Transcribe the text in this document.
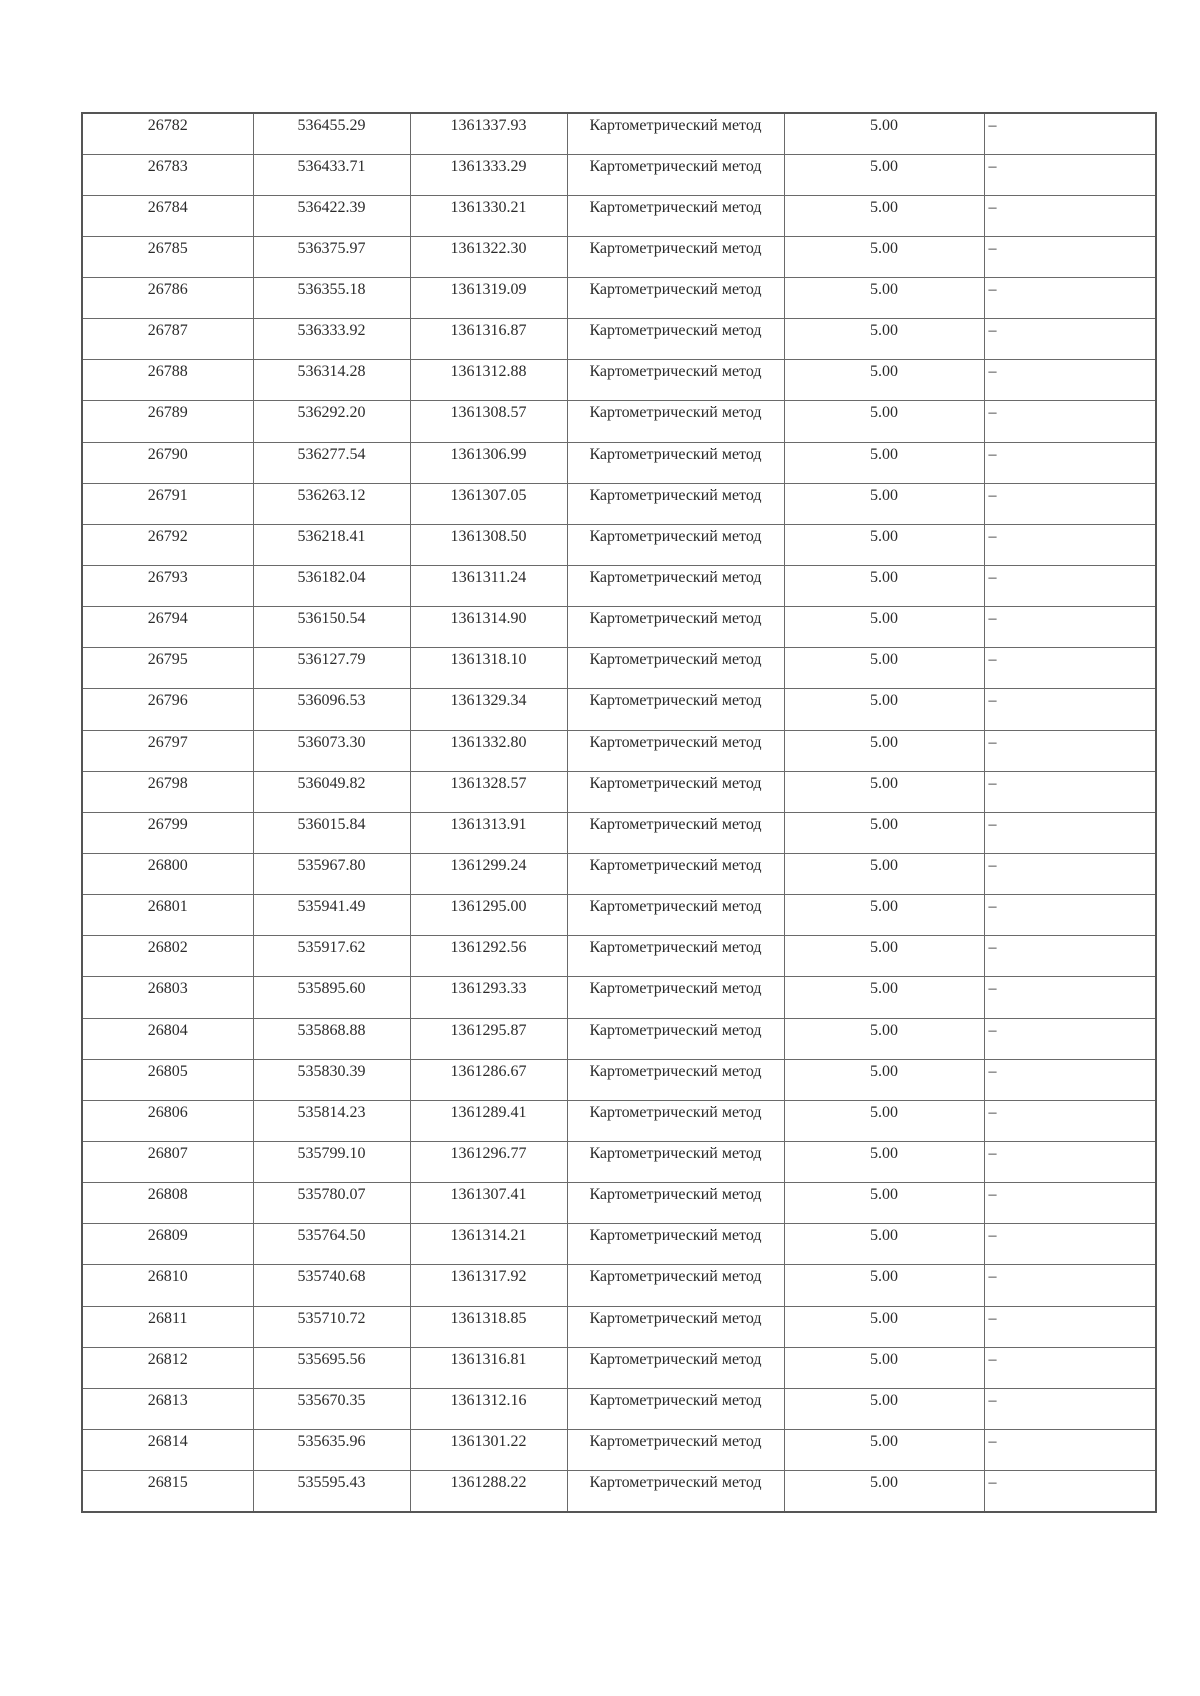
26782	536455.29	1361337.93	Картометрический метод	5.00	–
26783	536433.71	1361333.29	Картометрический метод	5.00	–
26784	536422.39	1361330.21	Картометрический метод	5.00	–
26785	536375.97	1361322.30	Картометрический метод	5.00	–
26786	536355.18	1361319.09	Картометрический метод	5.00	–
26787	536333.92	1361316.87	Картометрический метод	5.00	–
26788	536314.28	1361312.88	Картометрический метод	5.00	–
26789	536292.20	1361308.57	Картометрический метод	5.00	–
26790	536277.54	1361306.99	Картометрический метод	5.00	–
26791	536263.12	1361307.05	Картометрический метод	5.00	–
26792	536218.41	1361308.50	Картометрический метод	5.00	–
26793	536182.04	1361311.24	Картометрический метод	5.00	–
26794	536150.54	1361314.90	Картометрический метод	5.00	–
26795	536127.79	1361318.10	Картометрический метод	5.00	–
26796	536096.53	1361329.34	Картометрический метод	5.00	–
26797	536073.30	1361332.80	Картометрический метод	5.00	–
26798	536049.82	1361328.57	Картометрический метод	5.00	–
26799	536015.84	1361313.91	Картометрический метод	5.00	–
26800	535967.80	1361299.24	Картометрический метод	5.00	–
26801	535941.49	1361295.00	Картометрический метод	5.00	–
26802	535917.62	1361292.56	Картометрический метод	5.00	–
26803	535895.60	1361293.33	Картометрический метод	5.00	–
26804	535868.88	1361295.87	Картометрический метод	5.00	–
26805	535830.39	1361286.67	Картометрический метод	5.00	–
26806	535814.23	1361289.41	Картометрический метод	5.00	–
26807	535799.10	1361296.77	Картометрический метод	5.00	–
26808	535780.07	1361307.41	Картометрический метод	5.00	–
26809	535764.50	1361314.21	Картометрический метод	5.00	–
26810	535740.68	1361317.92	Картометрический метод	5.00	–
26811	535710.72	1361318.85	Картометрический метод	5.00	–
26812	535695.56	1361316.81	Картометрический метод	5.00	–
26813	535670.35	1361312.16	Картометрический метод	5.00	–
26814	535635.96	1361301.22	Картометрический метод	5.00	–
26815	535595.43	1361288.22	Картометрический метод	5.00	–
